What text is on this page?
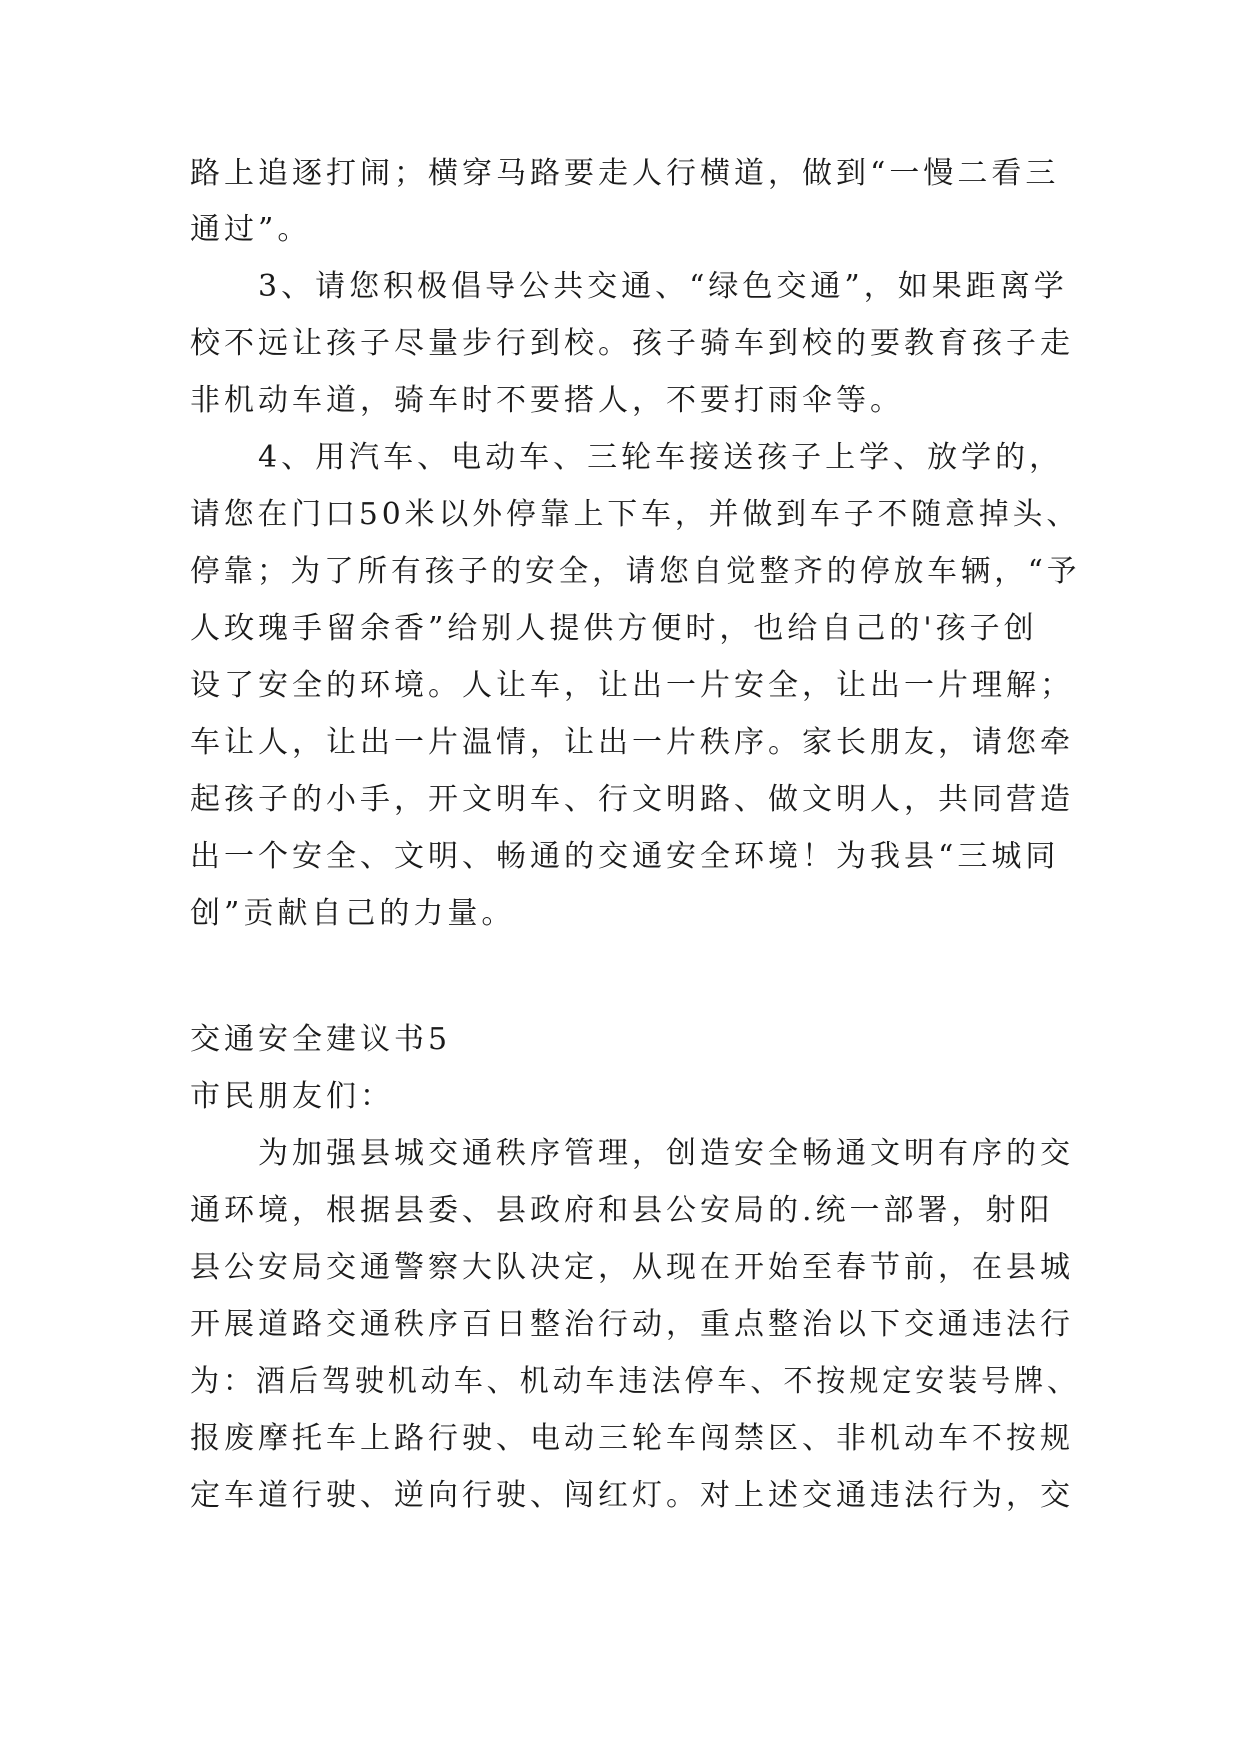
路上追逐打闹；横穿马路要走人行横道，做到“一慢二看三
通过”。
3、请您积极倡导公共交通、“绿色交通”，如果距离学
校不远让孩子尽量步行到校。孩子骑车到校的要教育孩子走
非机动车道，骑车时不要搭人，不要打雨伞等。
4、用汽车、电动车、三轮车接送孩子上学、放学的，
请您在门口50米以外停靠上下车，并做到车子不随意掉头、
停靠；为了所有孩子的安全，请您自觉整齐的停放车辆，“予
人玫瑰手留余香”给别人提供方便时，也给自己的'孩子创
设了安全的环境。人让车，让出一片安全，让出一片理解；
车让人，让出一片温情，让出一片秩序。家长朋友，请您牵
起孩子的小手，开文明车、行文明路、做文明人，共同营造
出一个安全、文明、畅通的交通安全环境！为我县“三城同
创”贡献自己的力量。
交通安全建议书5
市民朋友们：
为加强县城交通秩序管理，创造安全畅通文明有序的交
通环境，根据县委、县政府和县公安局的.统一部署，射阳
县公安局交通警察大队决定，从现在开始至春节前，在县城
开展道路交通秩序百日整治行动，重点整治以下交通违法行
为：酒后驾驶机动车、机动车违法停车、不按规定安装号牌、
报废摩托车上路行驶、电动三轮车闯禁区、非机动车不按规
定车道行驶、逆向行驶、闯红灯。对上述交通违法行为，交
